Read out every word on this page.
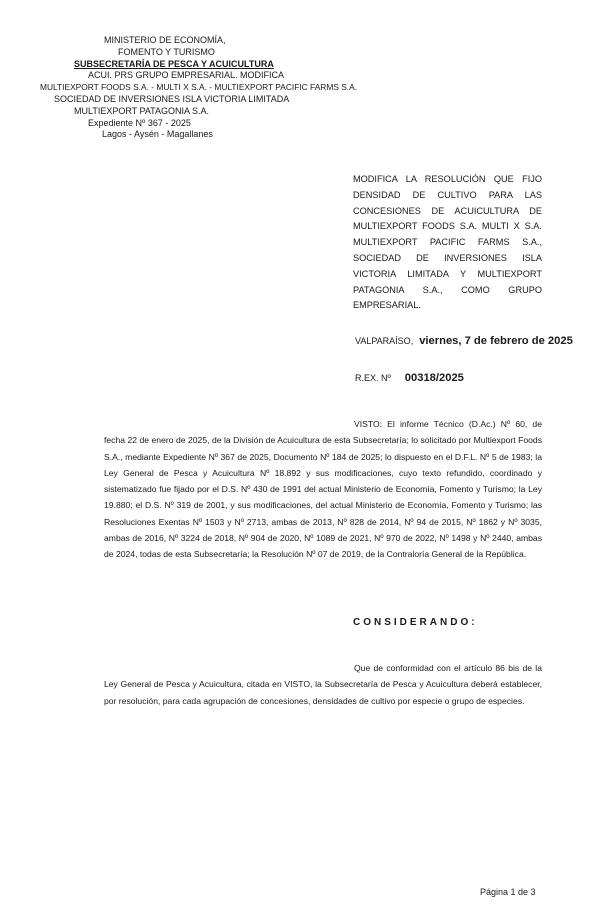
MINISTERIO DE ECONOMÍA,
FOMENTO Y TURISMO
SUBSECRETARÍA DE PESCA Y ACUICULTURA
ACUI. PRS GRUPO EMPRESARIAL. MODIFICA
MULTIEXPORT FOODS S.A. - MULTI X S.A. - MULTIEXPORT PACIFIC FARMS S.A.
SOCIEDAD DE INVERSIONES ISLA VICTORIA LIMITADA
MULTIEXPORT PATAGONIA S.A.
Expediente Nº 367 - 2025
Lagos - Aysén - Magallanes
MODIFICA LA RESOLUCIÓN QUE FIJO DENSIDAD DE CULTIVO PARA LAS CONCESIONES DE ACUICULTURA DE MULTIEXPORT FOODS S.A. MULTI X S.A. MULTIEXPORT PACIFIC FARMS S.A., SOCIEDAD DE INVERSIONES ISLA VICTORIA LIMITADA Y MULTIEXPORT PATAGONIA S.A., COMO GRUPO EMPRESARIAL.
VALPARAÍSO, viernes, 7 de febrero de 2025
R.EX. Nº 00318/2025
VISTO: El informe Técnico (D.Ac.) Nº 60, de fecha 22 de enero de 2025, de la División de Acuicultura de esta Subsecretaría; lo solicitado por Multiexport Foods S.A., mediante Expediente Nº 367 de 2025, Documento Nº 184 de 2025; lo dispuesto en el D.F.L. Nº 5 de 1983; la Ley General de Pesca y Acuicultura Nº 18.892 y sus modificaciones, cuyo texto refundido, coordinado y sistematizado fue fijado por el D.S. Nº 430 de 1991 del actual Ministerio de Economía, Fomento y Turismo; la Ley 19.880; el D.S. Nº 319 de 2001, y sus modificaciones, del actual Ministerio de Economía, Fomento y Turismo; las Resoluciones Exentas Nº 1503 y Nº 2713, ambas de 2013, Nº 828 de 2014, Nº 94 de 2015, Nº 1862 y Nº 3035, ambas de 2016, Nº 3224 de 2018, Nº 904 de 2020, Nº 1089 de 2021, Nº 970 de 2022, Nº 1498 y Nº 2440, ambas de 2024, todas de esta Subsecretaría; la Resolución Nº 07 de 2019, de la Contraloría General de la República.
CONSIDERANDO:
Que de conformidad con el artículo 86 bis de la Ley General de Pesca y Acuicultura, citada en VISTO, la Subsecretaría de Pesca y Acuicultura deberá establecer, por resolución, para cada agrupación de concesiones, densidades de cultivo por especie o grupo de especies.
Página 1 de 3
